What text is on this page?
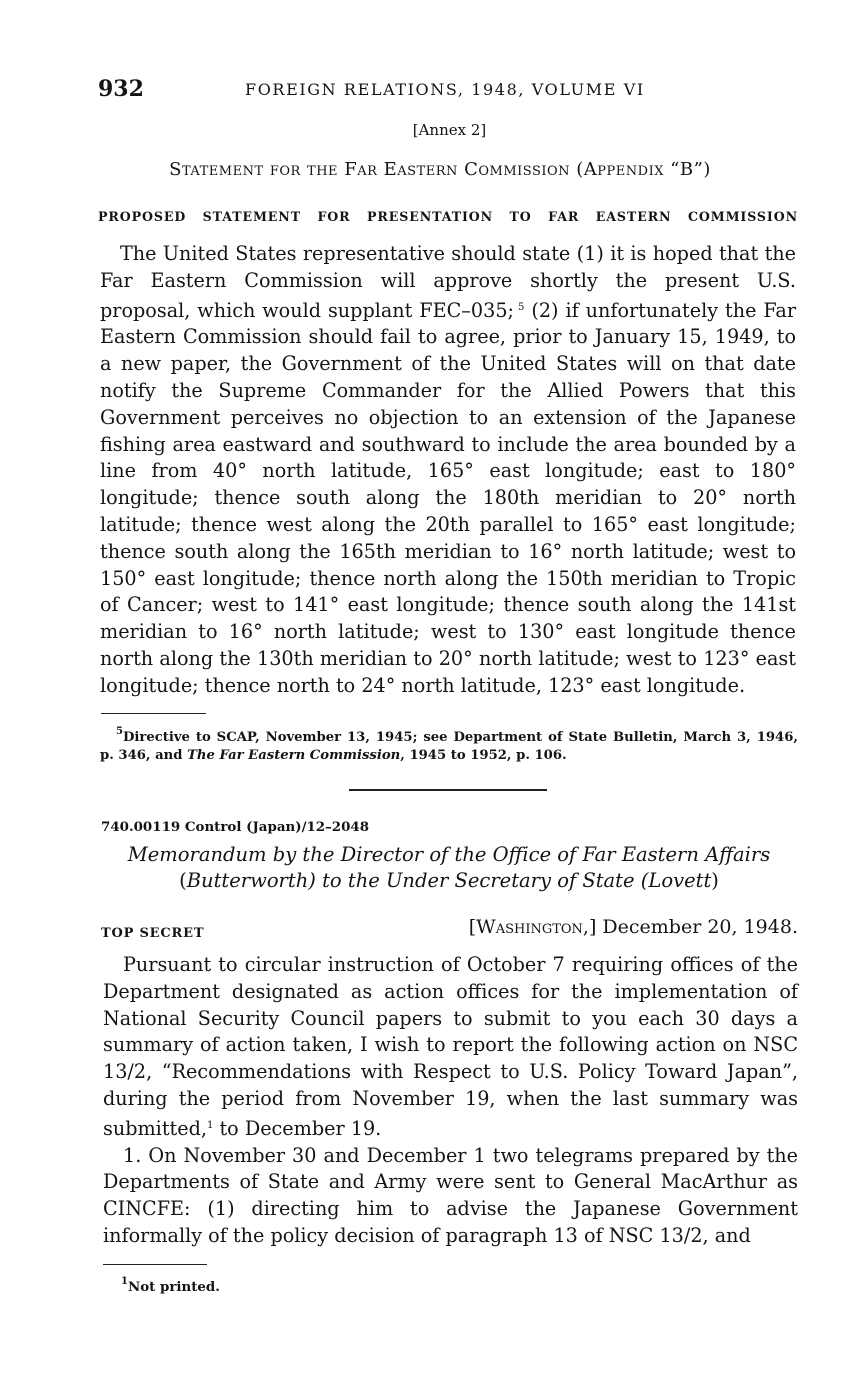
932	FOREIGN RELATIONS, 1948, VOLUME VI
[Annex 2]
Statement for the Far Eastern Commission (Appendix “B”)
PROPOSED STATEMENT FOR PRESENTATION TO FAR EASTERN COMMISSION
The United States representative should state (1) it is hoped that the Far Eastern Commission will approve shortly the present U.S. proposal, which would supplant FEC–035; $^5$ (2) if unfortunately the Far Eastern Commission should fail to agree, prior to January 15, 1949, to a new paper, the Government of the United States will on that date notify the Supreme Commander for the Allied Powers that this Government perceives no objection to an extension of the Japanese fishing area eastward and southward to include the area bounded by a line from 40° north latitude, 165° east longitude; east to 180° longitude; thence south along the 180th meridian to 20° north latitude; thence west along the 20th parallel to 165° east longitude; thence south along the 165th meridian to 16° north latitude; west to 150° east longitude; thence north along the 150th meridian to Tropic of Cancer; west to 141° east longitude; thence south along the 141st meridian to 16° north latitude; west to 130° east longitude thence north along the 130th meridian to 20° north latitude; west to 123° east longitude; thence north to 24° north latitude, 123° east longitude.
$^5$Directive to SCAP, November 13, 1945; see Department of State Bulletin, March 3, 1946, p. 346, and The Far Eastern Commission, 1945 to 1952, p. 106.
740.00119 Control (Japan)/12–2048
Memorandum by the Director of the Office of Far Eastern Affairs
(Butterworth) to the Under Secretary of State (Lovett)
TOP SECRET	[Washington,] December 20, 1948.

Pursuant to circular instruction of October 7 requiring offices of the Department designated as action offices for the implementation of National Security Council papers to submit to you each 30 days a summary of action taken, I wish to report the following action on NSC 13/2, “Recommendations with Respect to U.S. Policy Toward Japan”, during the period from November 19, when the last summary was submitted,$^1$ to December 19.

1. On November 30 and December 1 two telegrams prepared by the Departments of State and Army were sent to General MacArthur as CINCFE: (1) directing him to advise the Japanese Government informally of the policy decision of paragraph 13 of NSC 13/2, and

$^1$Not printed.
